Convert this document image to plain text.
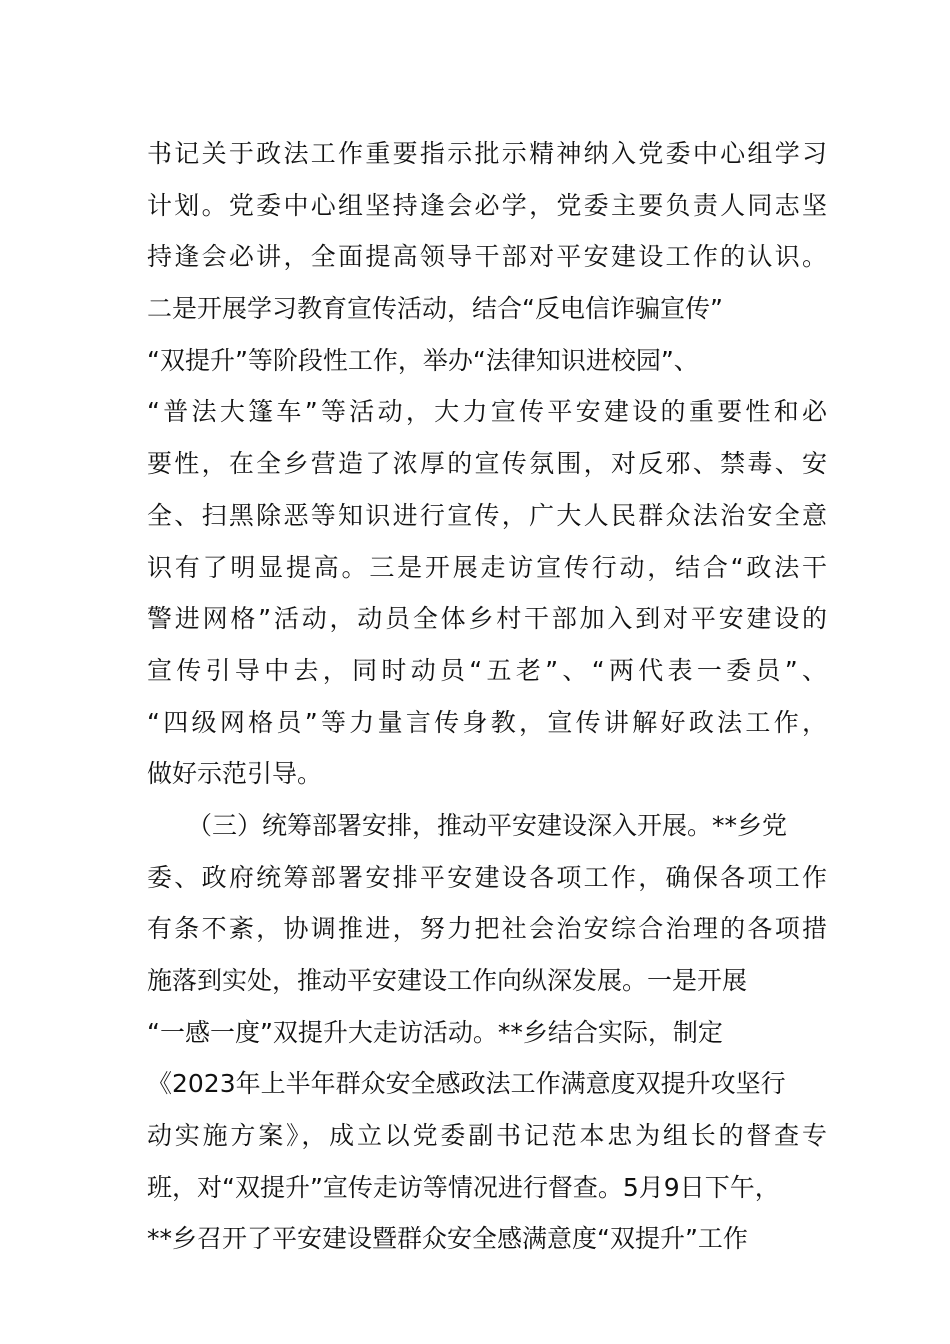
书记关于政法工作重要指示批示精神纳入党委中心组学习
计划。党委中心组坚持逢会必学，党委主要负责人同志坚
持逢会必讲，全面提高领导干部对平安建设工作的认识。
二是开展学习教育宣传活动，结合“反电信诈骗宣传”
“双提升”等阶段性工作，举办“法律知识进校园”、
“普法大篷车”等活动，大力宣传平安建设的重要性和必
要性，在全乡营造了浓厚的宣传氛围，对反邪、禁毒、安
全、扫黑除恶等知识进行宣传，广大人民群众法治安全意
识有了明显提高。三是开展走访宣传行动，结合“政法干
警进网格”活动，动员全体乡村干部加入到对平安建设的
宣传引导中去，同时动员“五老”、“两代表一委员”、
“四级网格员”等力量言传身教，宣传讲解好政法工作，
做好示范引导。
（三）统筹部署安排，推动平安建设深入开展。**乡党
委、政府统筹部署安排平安建设各项工作，确保各项工作
有条不紊，协调推进，努力把社会治安综合治理的各项措
施落到实处，推动平安建设工作向纵深发展。一是开展
“一感一度”双提升大走访活动。**乡结合实际，制定
《2023年上半年群众安全感政法工作满意度双提升攻坚行
动实施方案》，成立以党委副书记范本忠为组长的督查专
班，对“双提升”宣传走访等情况进行督查。5月9日下午，
**乡召开了平安建设暨群众安全感满意度“双提升”工作
